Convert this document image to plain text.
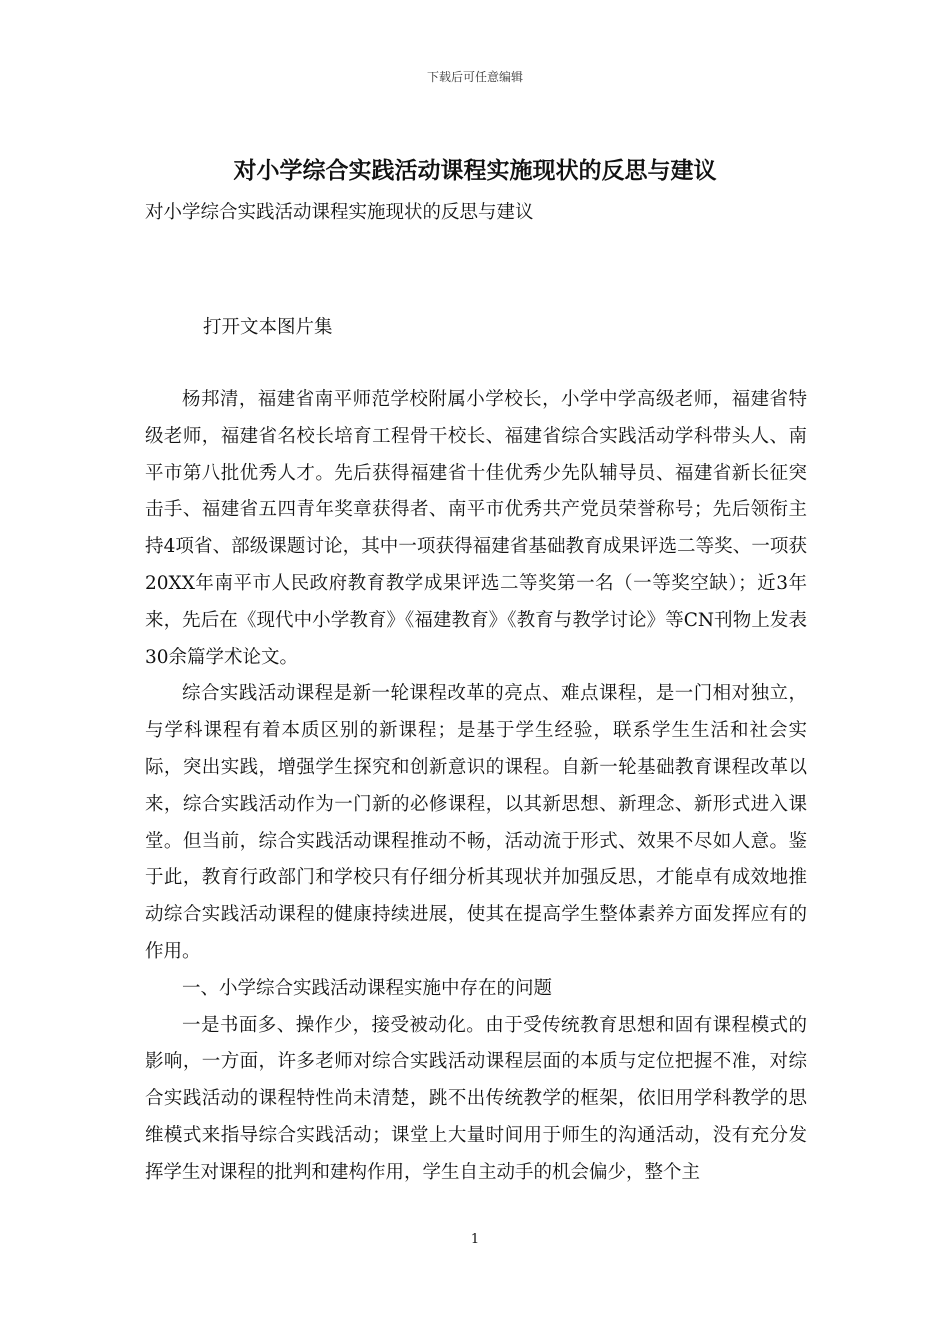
下载后可任意编辑
对小学综合实践活动课程实施现状的反思与建议
对小学综合实践活动课程实施现状的反思与建议
打开文本图片集

杨邦清，福建省南平师范学校附属小学校长，小学中学高级老师，福建省特级老师，福建省名校长培育工程骨干校长、福建省综合实践活动学科带头人、南平市第八批优秀人才。先后获得福建省十佳优秀少先队辅导员、福建省新长征突击手、福建省五四青年奖章获得者、南平市优秀共产党员荣誉称号；先后领衔主持4项省、部级课题讨论，其中一项获得福建省基础教育成果评选二等奖、一项获20XX年南平市人民政府教育教学成果评选二等奖第一名（一等奖空缺）；近3年来，先后在《现代中小学教育》《福建教育》《教育与教学讨论》等CN刊物上发表30余篇学术论文。

综合实践活动课程是新一轮课程改革的亮点、难点课程，是一门相对独立，与学科课程有着本质区别的新课程；是基于学生经验，联系学生生活和社会实际，突出实践，增强学生探究和创新意识的课程。自新一轮基础教育课程改革以来，综合实践活动作为一门新的必修课程，以其新思想、新理念、新形式进入课堂。但当前，综合实践活动课程推动不畅，活动流于形式、效果不尽如人意。鉴于此，教育行政部门和学校只有仔细分析其现状并加强反思，才能卓有成效地推动综合实践活动课程的健康持续进展，使其在提高学生整体素养方面发挥应有的作用。

一、小学综合实践活动课程实施中存在的问题

一是书面多、操作少，接受被动化。由于受传统教育思想和固有课程模式的影响，一方面，许多老师对综合实践活动课程层面的本质与定位把握不准，对综合实践活动的课程特性尚未清楚，跳不出传统教学的框架，依旧用学科教学的思维模式来指导综合实践活动；课堂上大量时间用于师生的沟通活动，没有充分发挥学生对课程的批判和建构作用，学生自主动手的机会偏少，整个主

1
